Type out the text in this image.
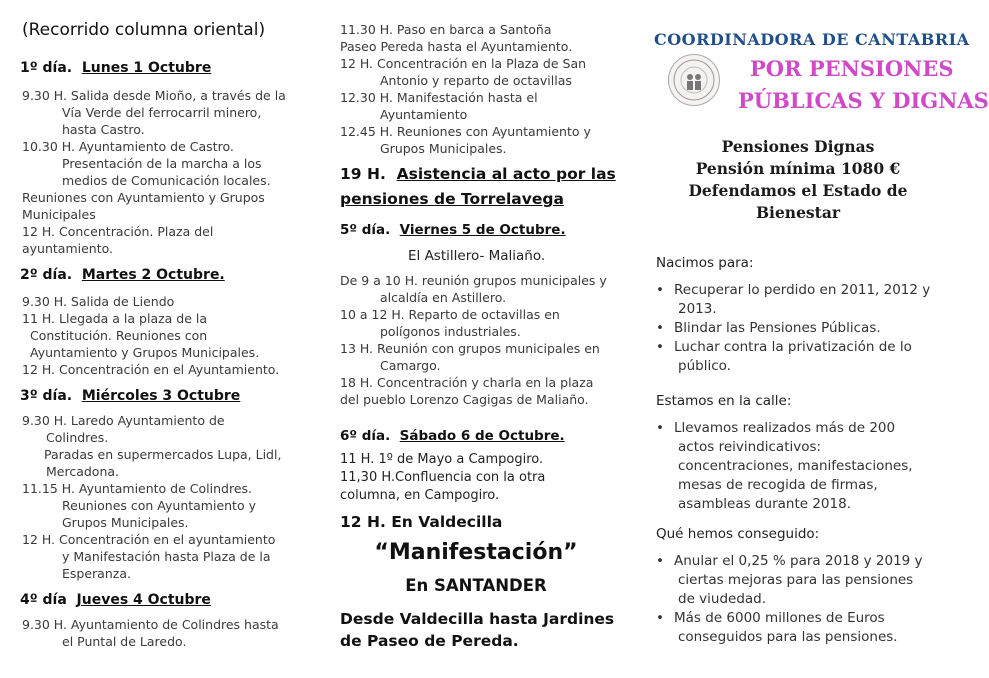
(Recorrido columna oriental)
1º día. Lunes 1 Octubre
9.30 H. Salida desde Mioño, a través de la
Vía Verde del ferrocarril minero,
hasta Castro.
10.30 H. Ayuntamiento de Castro.
Presentación de la marcha a los
medios de Comunicación locales.
Reuniones con Ayuntamiento y Grupos
Municipales
12 H. Concentración. Plaza del
ayuntamiento.
2º día. Martes 2 Octubre.
9.30 H. Salida de Liendo
11 H. Llegada a la plaza de la
Constitución. Reuniones con
Ayuntamiento y Grupos Municipales.
12 H. Concentración en el Ayuntamiento.
3º día. Miércoles 3 Octubre
9.30 H. Laredo Ayuntamiento de
Colindres.
Paradas en supermercados Lupa, Lidl,
Mercadona.
11.15 H. Ayuntamiento de Colindres.
Reuniones con Ayuntamiento y
Grupos Municipales.
12 H. Concentración en el ayuntamiento
y Manifestación hasta Plaza de la
Esperanza.
4º día Jueves 4 Octubre
9.30 H. Ayuntamiento de Colindres hasta
el Puntal de Laredo.
11.30 H. Paso en barca a Santoña
Paseo Pereda hasta el Ayuntamiento.
12 H. Concentración en la Plaza de San
Antonio y reparto de octavillas
12.30 H. Manifestación hasta el
Ayuntamiento
12.45 H. Reuniones con Ayuntamiento y
Grupos Municipales.
19 H. Asistencia al acto por las
pensiones de Torrelavega
5º día. Viernes 5 de Octubre.
El Astillero- Maliaño.
De 9 a 10 H. reunión grupos municipales y
alcaldía en Astillero.
10 a 12 H. Reparto de octavillas en
polígonos industriales.
13 H. Reunión con grupos municipales en
Camargo.
18 H. Concentración y charla en la plaza
del pueblo Lorenzo Cagigas de Maliaño.
6º día. Sábado 6 de Octubre.
11 H. 1º de Mayo a Campogiro.
11,30 H.Confluencia con la otra
columna, en Campogiro.
12 H. En Valdecilla
“Manifestación”
En SANTANDER
Desde Valdecilla hasta Jardines
de Paseo de Pereda.
COORDINADORA DE CANTABRIA
POR PENSIONES
PÚBLICAS Y DIGNAS
Pensiones Dignas
Pensión mínima 1080 €
Defendamos el Estado de
Bienestar
Nacimos para:
• Recuperar lo perdido en 2011, 2012 y
2013.
• Blindar las Pensiones Públicas.
• Luchar contra la privatización de lo
público.
Estamos en la calle:
• Llevamos realizados más de 200
actos reivindicativos:
concentraciones, manifestaciones,
mesas de recogida de firmas,
asambleas durante 2018.
Qué hemos conseguido:
• Anular el 0,25 % para 2018 y 2019 y
ciertas mejoras para las pensiones
de viudedad.
• Más de 6000 millones de Euros
conseguidos para las pensiones.
